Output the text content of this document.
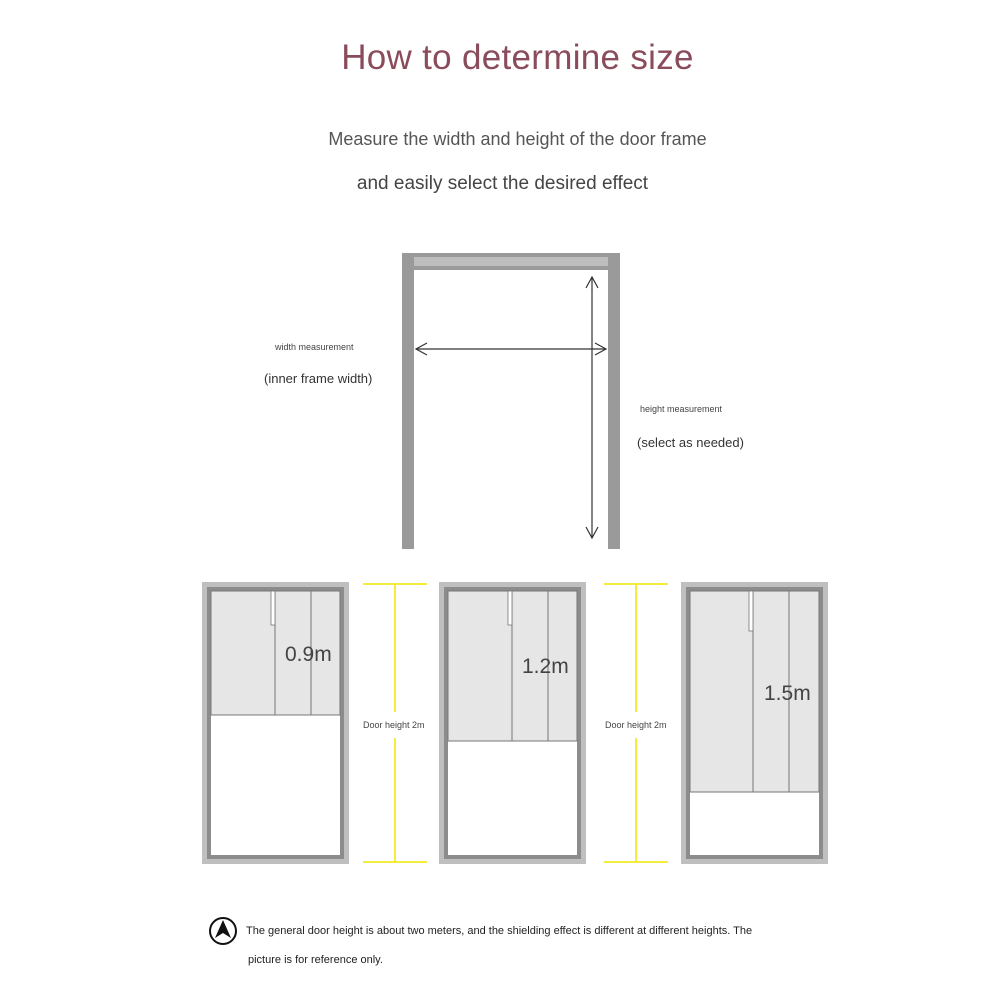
How to determine size
Measure the width and height of the door frame
and easily select the desired effect
width measurement
(inner frame width)
height measurement
(select as needed)
0.9m
1.2m
1.5m
Door height 2m	Door height 2m
The general door height is about two meters, and the shielding effect is different at different heights. The
picture is for reference only.
